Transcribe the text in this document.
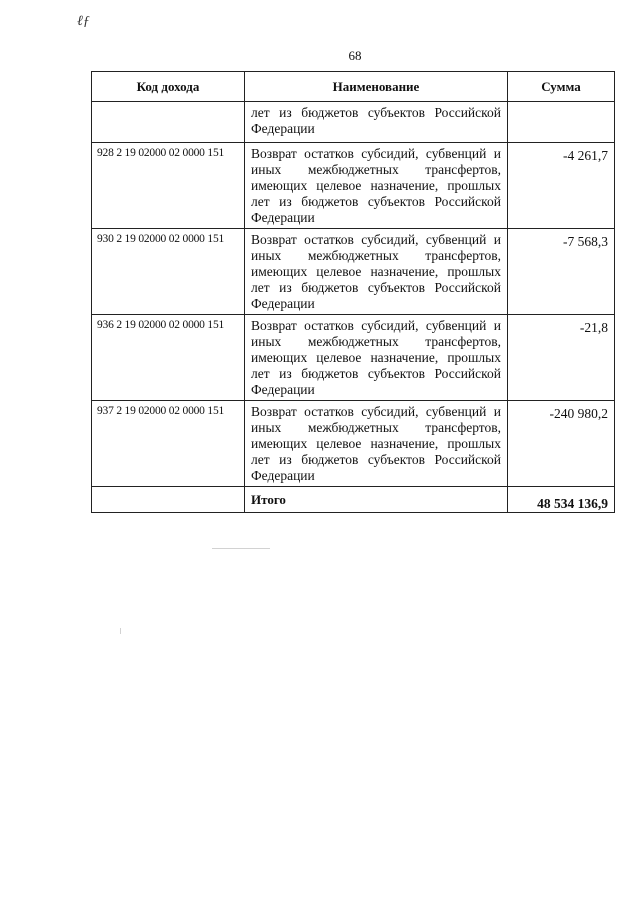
ℓƒ
68
Код дохода	Наименование	Сумма
	лет из бюджетов субъектов Российской Федерации	
928 2 19 02000 02 0000 151	Возврат остатков субсидий, субвенций и иных межбюджетных трансфертов, имеющих целевое назначение, прошлых лет из бюджетов субъектов Российской Федерации	-4 261,7
930 2 19 02000 02 0000 151	Возврат остатков субсидий, субвенций и иных межбюджетных трансфертов, имеющих целевое назначение, прошлых лет из бюджетов субъектов Российской Федерации	-7 568,3
936 2 19 02000 02 0000 151	Возврат остатков субсидий, субвенций и иных межбюджетных трансфертов, имеющих целевое назначение, прошлых лет из бюджетов субъектов Российской Федерации	-21,8
937 2 19 02000 02 0000 151	Возврат остатков субсидий, субвенций и иных межбюджетных трансфертов, имеющих целевое назначение, прошлых лет из бюджетов субъектов Российской Федерации	-240 980,2
	Итого	48 534 136,9
